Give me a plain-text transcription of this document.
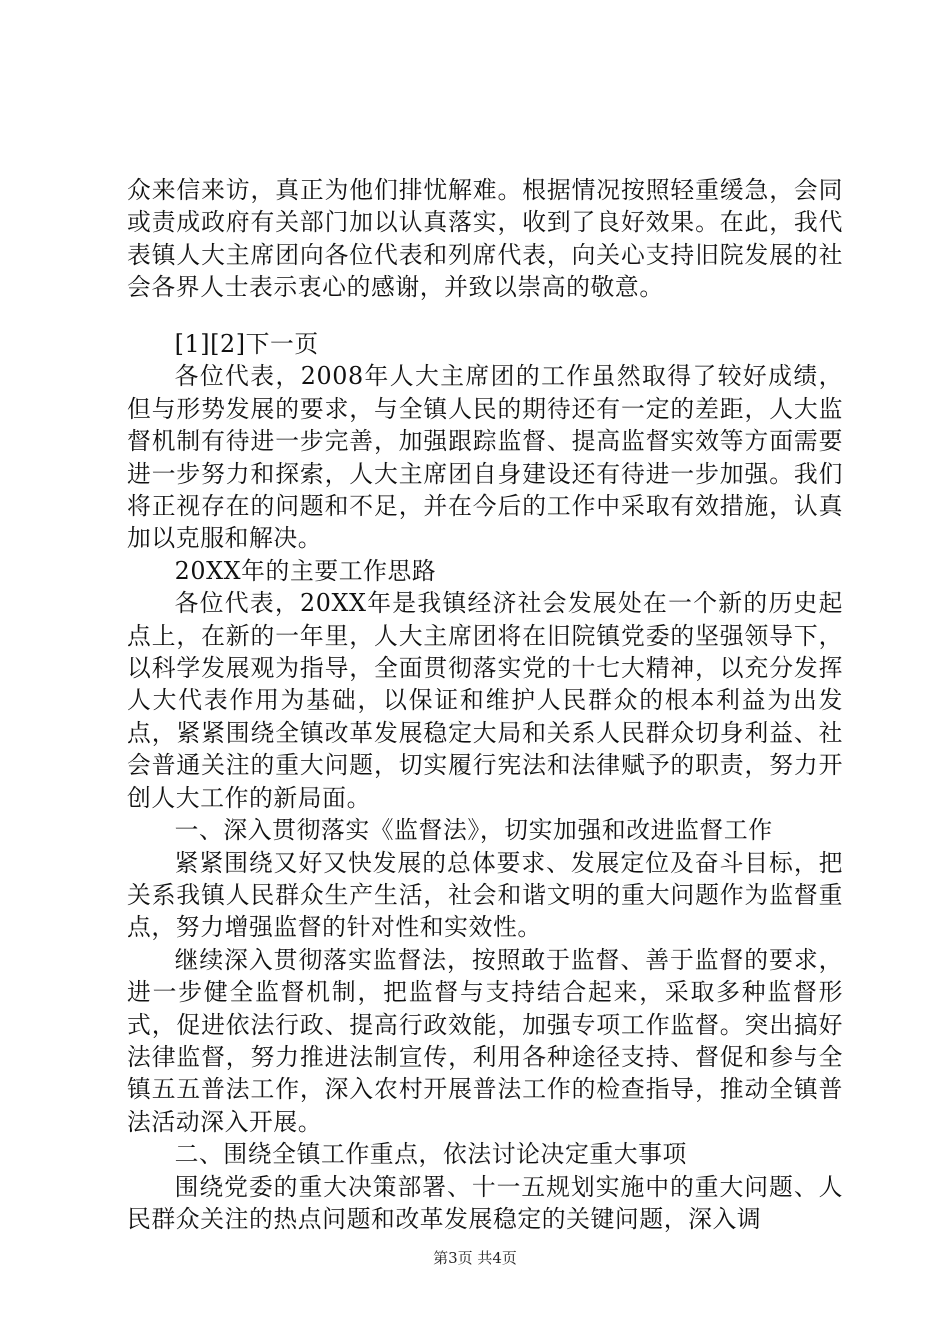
众来信来访，真正为他们排忧解难。根据情况按照轻重缓急，会同或责成政府有关部门加以认真落实，收到了良好效果。在此，我代表镇人大主席团向各位代表和列席代表，向关心支持旧院发展的社会各界人士表示衷心的感谢，并致以崇高的敬意。

[1][2]下一页

各位代表，2008年人大主席团的工作虽然取得了较好成绩，但与形势发展的要求，与全镇人民的期待还有一定的差距，人大监督机制有待进一步完善，加强跟踪监督、提高监督实效等方面需要进一步努力和探索，人大主席团自身建设还有待进一步加强。我们将正视存在的问题和不足，并在今后的工作中采取有效措施，认真加以克服和解决。

20XX年的主要工作思路

各位代表，20XX年是我镇经济社会发展处在一个新的历史起点上，在新的一年里，人大主席团将在旧院镇党委的坚强领导下，以科学发展观为指导，全面贯彻落实党的十七大精神，以充分发挥人大代表作用为基础，以保证和维护人民群众的根本利益为出发点，紧紧围绕全镇改革发展稳定大局和关系人民群众切身利益、社会普通关注的重大问题，切实履行宪法和法律赋予的职责，努力开创人大工作的新局面。

一、深入贯彻落实《监督法》，切实加强和改进监督工作

紧紧围绕又好又快发展的总体要求、发展定位及奋斗目标，把关系我镇人民群众生产生活，社会和谐文明的重大问题作为监督重点，努力增强监督的针对性和实效性。

继续深入贯彻落实监督法，按照敢于监督、善于监督的要求，进一步健全监督机制，把监督与支持结合起来，采取多种监督形式，促进依法行政、提高行政效能，加强专项工作监督。突出搞好法律监督，努力推进法制宣传，利用各种途径支持、督促和参与全镇五五普法工作，深入农村开展普法工作的检查指导，推动全镇普法活动深入开展。

二、围绕全镇工作重点，依法讨论决定重大事项

围绕党委的重大决策部署、十一五规划实施中的重大问题、人民群众关注的热点问题和改革发展稳定的关键问题，深入调

第3页 共4页
